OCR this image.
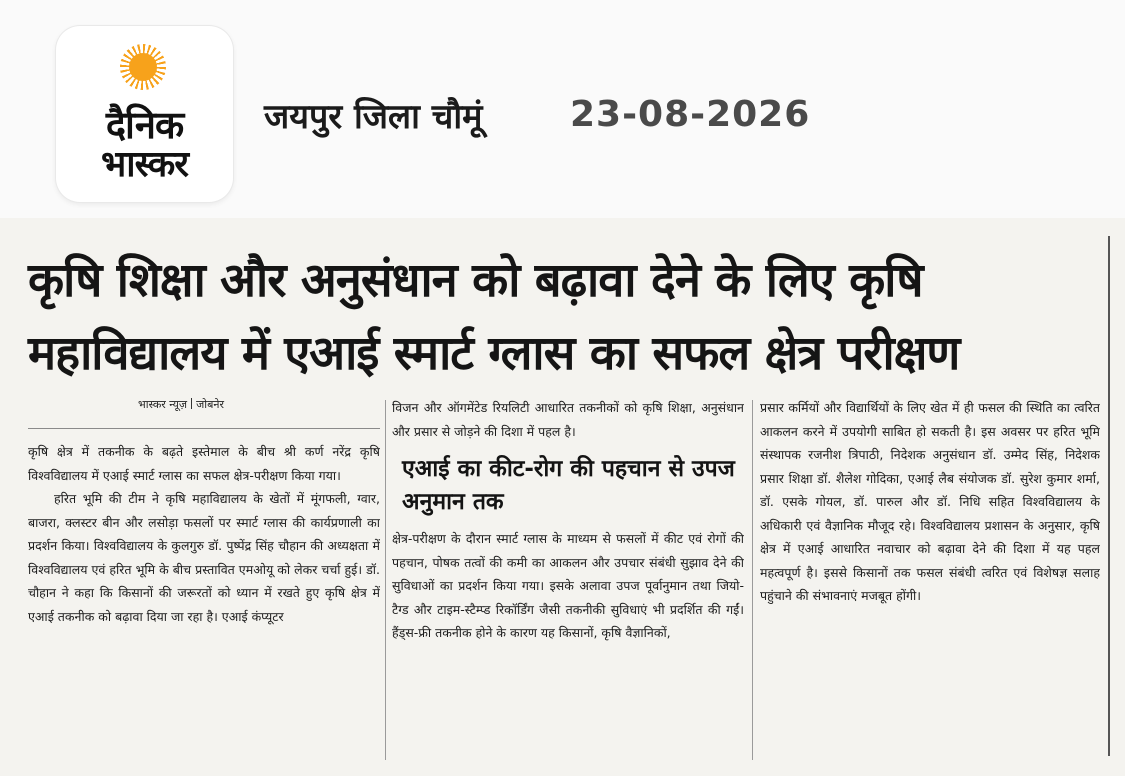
दैनिक
भास्कर
जयपुर जिला चौमूं 23-08-2026
कृषि शिक्षा और अनुसंधान को बढ़ावा देने के लिए कृषि
महाविद्यालय में एआई स्मार्ट ग्लास का सफल क्षेत्र परीक्षण

भास्कर न्यूज़ जोबनेर

कृषि क्षेत्र में तकनीक के बढ़ते इस्तेमाल के बीच श्री कर्ण नरेंद्र कृषि विश्वविद्यालय में एआई स्मार्ट ग्लास का सफल क्षेत्र-परीक्षण किया गया।

हरित भूमि की टीम ने कृषि महाविद्यालय के खेतों में मूंगफली, ग्वार, बाजरा, क्लस्टर बीन और लसोड़ा फसलों पर स्मार्ट ग्लास की कार्यप्रणाली का प्रदर्शन किया। विश्वविद्यालय के कुलगुरु डॉ. पुष्पेंद्र सिंह चौहान की अध्यक्षता में विश्वविद्यालय एवं हरित भूमि के बीच प्रस्तावित एमओयू को लेकर चर्चा हुई। डॉ. चौहान ने कहा कि किसानों की जरूरतों को ध्यान में रखते हुए कृषि क्षेत्र में एआई तकनीक को बढ़ावा दिया जा रहा है। एआई कंप्यूटर

विजन और ऑगमेंटेड रियलिटी आधारित तकनीकों को कृषि शिक्षा, अनुसंधान और प्रसार से जोड़ने की दिशा में पहल है।

एआई का कीट-रोग की पहचान से उपज अनुमान तक

क्षेत्र-परीक्षण के दौरान स्मार्ट ग्लास के माध्यम से फसलों में कीट एवं रोगों की पहचान, पोषक तत्वों की कमी का आकलन और उपचार संबंधी सुझाव देने की सुविधाओं का प्रदर्शन किया गया। इसके अलावा उपज पूर्वानुमान तथा जियो-टैग्ड और टाइम-स्टैम्प्ड रिकॉर्डिंग जैसी तकनीकी सुविधाएं भी प्रदर्शित की गईं। हैंड्स-फ्री तकनीक होने के कारण यह किसानों, कृषि वैज्ञानिकों,

प्रसार कर्मियों और विद्यार्थियों के लिए खेत में ही फसल की स्थिति का त्वरित आकलन करने में उपयोगी साबित हो सकती है। इस अवसर पर हरित भूमि संस्थापक रजनीश त्रिपाठी, निदेशक अनुसंधान डॉ. उम्मेद सिंह, निदेशक प्रसार शिक्षा डॉ. शैलेश गोदिका, एआई लैब संयोजक डॉ. सुरेश कुमार शर्मा, डॉ. एसके गोयल, डॉ. पारुल और डॉ. निधि सहित विश्वविद्यालय के अधिकारी एवं वैज्ञानिक मौजूद रहे। विश्वविद्यालय प्रशासन के अनुसार, कृषि क्षेत्र में एआई आधारित नवाचार को बढ़ावा देने की दिशा में यह पहल महत्वपूर्ण है। इससे किसानों तक फसल संबंधी त्वरित एवं विशेषज्ञ सलाह पहुंचाने की संभावनाएं मजबूत होंगी।
